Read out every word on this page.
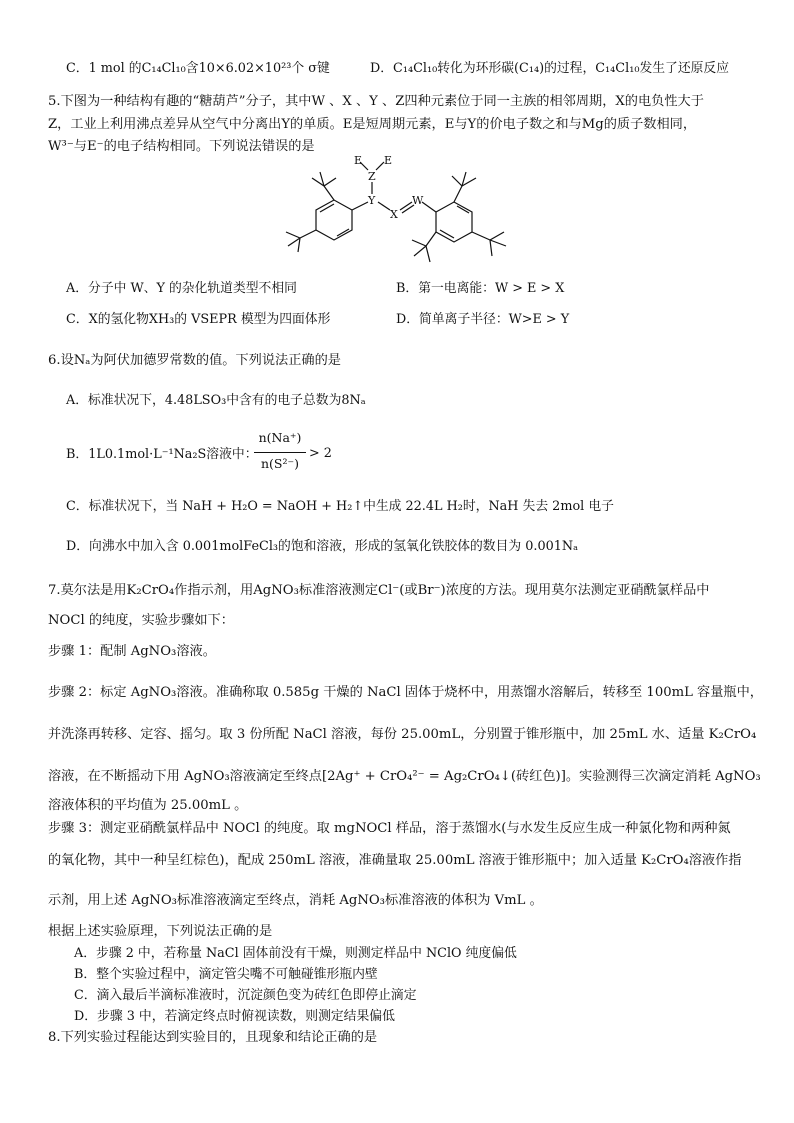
C．1 mol 的C₁₄Cl₁₀含10×6.02×10²³个 σ键	D．C₁₄Cl₁₀转化为环形碳(C₁₄)的过程，C₁₄Cl₁₀发生了还原反应
5.下图为一种结构有趣的“糖葫芦”分子，其中W 、X 、Y 、Z四种元素位于同一主族的相邻周期，X的电负性大于
Z，工业上利用沸点差异从空气中分离出Y的单质。E是短周期元素，E与Y的价电子数之和与Mg的质子数相同，
W³⁻与E⁻的电子结构相同。下列说法错误的是
E E
Z
Y
X
W
A．分子中 W、Y 的杂化轨道类型不相同	B．第一电离能：W > E > X
C．X的氢化物XH₃的 VSEPR 模型为四面体形	D．简单离子半径：W>E > Y
6.设Nₐ为阿伏加德罗常数的值。下列说法正确的是
A．标准状况下，4.48LSO₃中含有的电子总数为8Nₐ
B．1L0.1mol·L⁻¹Na₂S溶液中：
n(Na⁺)
n(S²⁻)
> 2
C．标准状况下，当 NaH + H₂O = NaOH + H₂↑中生成 22.4L H₂时，NaH 失去 2mol 电子
D．向沸水中加入含 0.001molFeCl₃的饱和溶液，形成的氢氧化铁胶体的数目为 0.001Nₐ
7.莫尔法是用K₂CrO₄作指示剂，用AgNO₃标准溶液测定Cl⁻(或Br⁻)浓度的方法。现用莫尔法测定亚硝酰氯样品中
NOCl 的纯度，实验步骤如下：
步骤 1：配制 AgNO₃溶液。
步骤 2：标定 AgNO₃溶液。准确称取 0.585g 干燥的 NaCl 固体于烧杯中，用蒸馏水溶解后，转移至 100mL 容量瓶中，
并洗涤再转移、定容、摇匀。取 3 份所配 NaCl 溶液，每份 25.00mL，分别置于锥形瓶中，加 25mL 水、适量 K₂CrO₄
溶液，在不断摇动下用 AgNO₃溶液滴定至终点[2Ag⁺ + CrO₄²⁻ = Ag₂CrO₄↓(砖红色)]。实验测得三次滴定消耗 AgNO₃
溶液体积的平均值为 25.00mL 。
步骤 3：测定亚硝酰氯样品中 NOCl 的纯度。取 mgNOCl 样品，溶于蒸馏水(与水发生反应生成一种氯化物和两种氮
的氧化物，其中一种呈红棕色)，配成 250mL 溶液，准确量取 25.00mL 溶液于锥形瓶中；加入适量 K₂CrO₄溶液作指
示剂，用上述 AgNO₃标准溶液滴定至终点，消耗 AgNO₃标准溶液的体积为 VmL 。
根据上述实验原理，下列说法正确的是
A．步骤 2 中，若称量 NaCl 固体前没有干燥，则测定样品中 NClO 纯度偏低
B．整个实验过程中，滴定管尖嘴不可触碰锥形瓶内壁
C．滴入最后半滴标准液时，沉淀颜色变为砖红色即停止滴定
D．步骤 3 中，若滴定终点时俯视读数，则测定结果偏低
8.下列实验过程能达到实验目的，且现象和结论正确的是
